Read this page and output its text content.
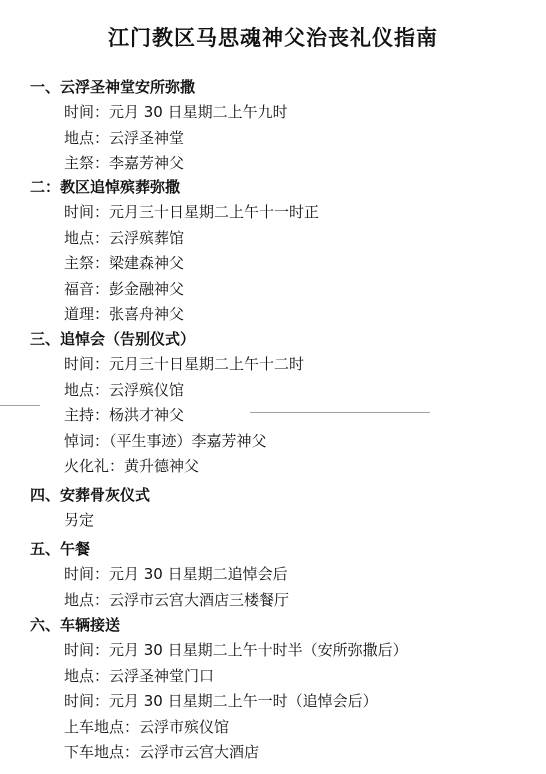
江门教区马思魂神父治丧礼仪指南
一、云浮圣神堂安所弥撒
时间：元月 30 日星期二上午九时
地点：云浮圣神堂
主祭：李嘉芳神父
二：教区追悼殡葬弥撒
时间：元月三十日星期二上午十一时正
地点：云浮殡葬馆
主祭：梁建森神父
福音：彭金融神父
道理：张喜舟神父
三、追悼会（告别仪式）
时间：元月三十日星期二上午十二时
地点：云浮殡仪馆
主持：杨洪才神父
悼词：（平生事迹）李嘉芳神父
火化礼：黄升德神父
四、安葬骨灰仪式
另定
五、午餐
时间：元月 30 日星期二追悼会后
地点：云浮市云宫大酒店三楼餐厅
六、车辆接送
时间：元月 30 日星期二上午十时半（安所弥撒后）
地点：云浮圣神堂门口
时间：元月 30 日星期二上午一时（追悼会后）
上车地点：云浮市殡仪馆
下车地点：云浮市云宫大酒店
